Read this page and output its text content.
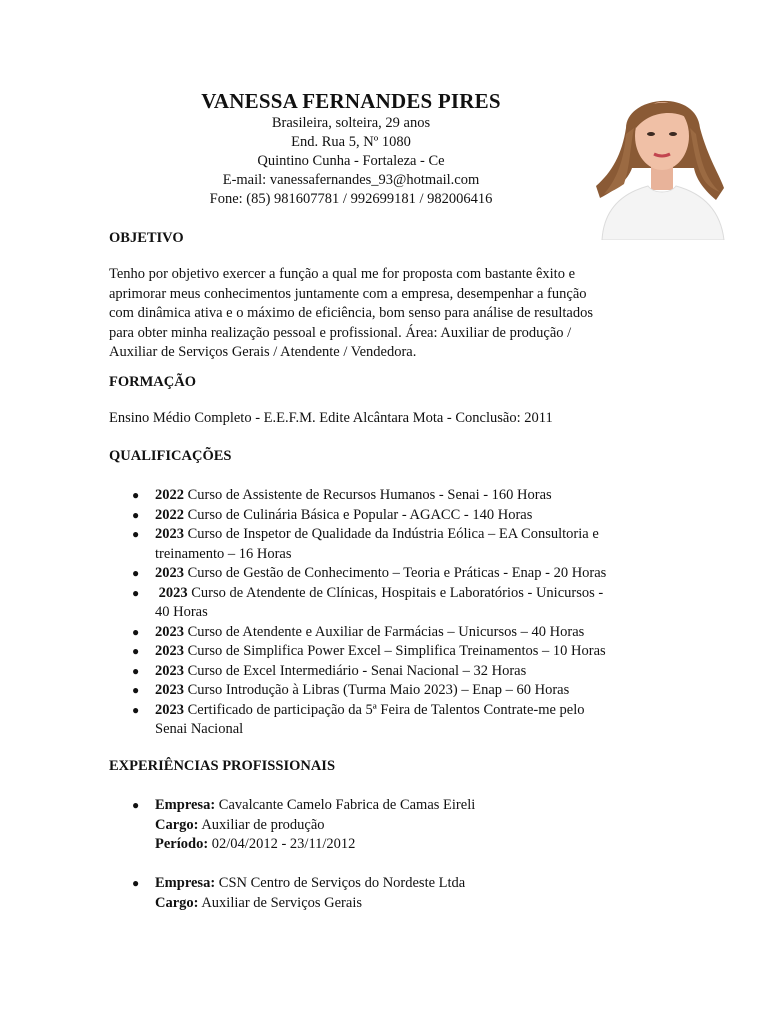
VANESSA FERNANDES PIRES
Brasileira, solteira, 29 anos
End. Rua 5, Nº 1080
Quintino Cunha - Fortaleza - Ce
E-mail: vanessafernandes_93@hotmail.com
Fone: (85) 981607781 / 992699181 / 982006416
OBJETIVO
Tenho por objetivo exercer a função a qual me for proposta com bastante êxito e
aprimorar meus conhecimentos juntamente com a empresa, desempenhar a função
com dinâmica ativa e o máximo de eficiência, bom senso para análise de resultados
para obter minha realização pessoal e profissional. Área: Auxiliar de produção /
Auxiliar de Serviços Gerais / Atendente / Vendedora.
FORMAÇÃO
Ensino Médio Completo - E.E.F.M. Edite Alcântara Mota - Conclusão: 2011
QUALIFICAÇÕES
● 2022 Curso de Assistente de Recursos Humanos - Senai - 160 Horas
● 2022 Curso de Culinária Básica e Popular - AGACC - 140 Horas
● 2023 Curso de Inspetor de Qualidade da Indústria Eólica – EA Consultoria e
treinamento – 16 Horas
● 2023 Curso de Gestão de Conhecimento – Teoria e Práticas - Enap - 20 Horas
● 2023 Curso de Atendente de Clínicas, Hospitais e Laboratórios - Unicursos -
40 Horas
● 2023 Curso de Atendente e Auxiliar de Farmácias – Unicursos – 40 Horas
● 2023 Curso de Simplifica Power Excel – Simplifica Treinamentos – 10 Horas
● 2023 Curso de Excel Intermediário - Senai Nacional – 32 Horas
● 2023 Curso Introdução à Libras (Turma Maio 2023) – Enap – 60 Horas
● 2023 Certificado de participação da 5ª Feira de Talentos Contrate-me pelo
Senai Nacional
EXPERIÊNCIAS PROFISSIONAIS
● Empresa: Cavalcante Camelo Fabrica de Camas Eireli
Cargo: Auxiliar de produção
Período: 02/04/2012 - 23/11/2012
● Empresa: CSN Centro de Serviços do Nordeste Ltda
Cargo: Auxiliar de Serviços Gerais
